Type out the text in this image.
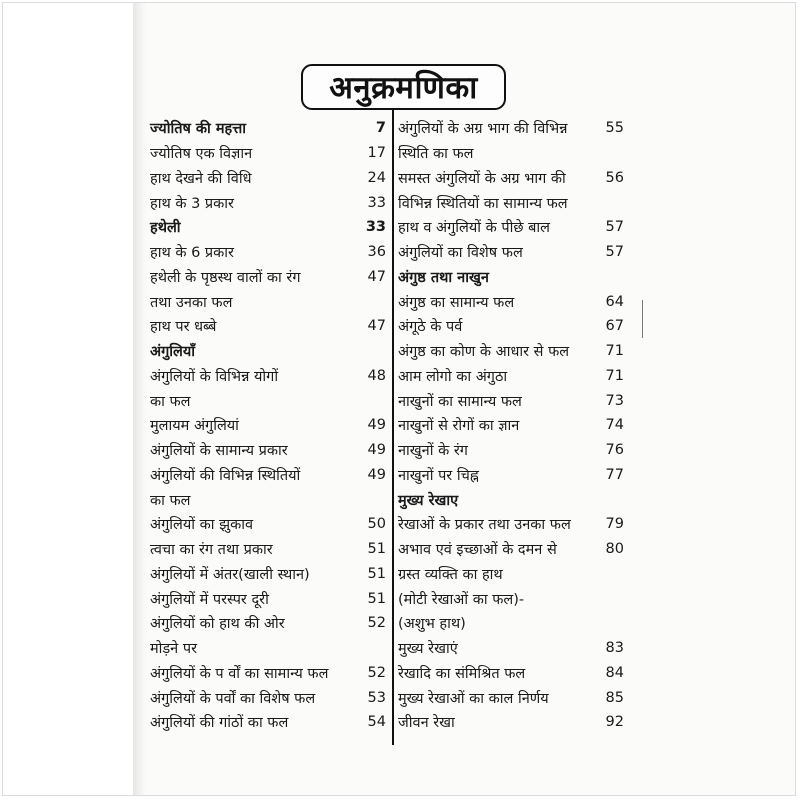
अनुक्रमणिका
ज्योतिष की महत्ता	7
ज्योतिष एक विज्ञान	17
हाथ देखने की विधि	24
हाथ के 3 प्रकार	33
हथेली	33
हाथ के 6 प्रकार	36
हथेली के पृष्ठस्थ वालों का रंग	47
तथा उनका फल
हाथ पर धब्बे	47
अंगुलियाँ
अंगुलियों के विभिन्न योगों	48
का फल
मुलायम अंगुलियां	49
अंगुलियों के सामान्य प्रकार	49
अंगुलियों की विभिन्न स्थितियों	49
का फल
अंगुलियों का झुकाव	50
त्वचा का रंग तथा प्रकार	51
अंगुलियों में अंतर(खाली स्थान)	51
अंगुलियों में परस्पर दूरी	51
अंगुलियों को हाथ की ओर	52
मोड़ने पर
अंगुलियों के प र्वों का सामान्य फल	52
अंगुलियों के पर्वों का विशेष फल	53
अंगुलियों की गांठों का फल	54
अंगुलियों के अग्र भाग की विभिन्न	55
स्थिति का फल
समस्त अंगुलियों के अग्र भाग की	56
विभिन्न स्थितियों का सामान्य फल
हाथ व अंगुलियों के पीछे बाल	57
अंगुलियों का विशेष फल	57
अंगुष्ठ तथा नाखुन
अंगुष्ठ का सामान्य फल	64
अंगूठे के पर्व	67
अंगुष्ठ का कोण के आधार से फल	71
आम लोगो का अंगुठा	71
नाखुनों का सामान्य फल	73
नाखुनों से रोगों का ज्ञान	74
नाखुनों के रंग	76
नाखुनों पर चिह्न	77
मुख्य रेखाए
रेखाओं के प्रकार तथा उनका फल 79
अभाव एवं इच्छाओं के दमन से	80
ग्रस्त व्यक्ति का हाथ
(मोटी रेखाओं का फल)-
(अशुभ हाथ)
मुख्य रेखाएं	83
रेखादि का संमिश्रित फल	84
मुख्य रेखाओं का काल निर्णय	85
जीवन रेखा	92
